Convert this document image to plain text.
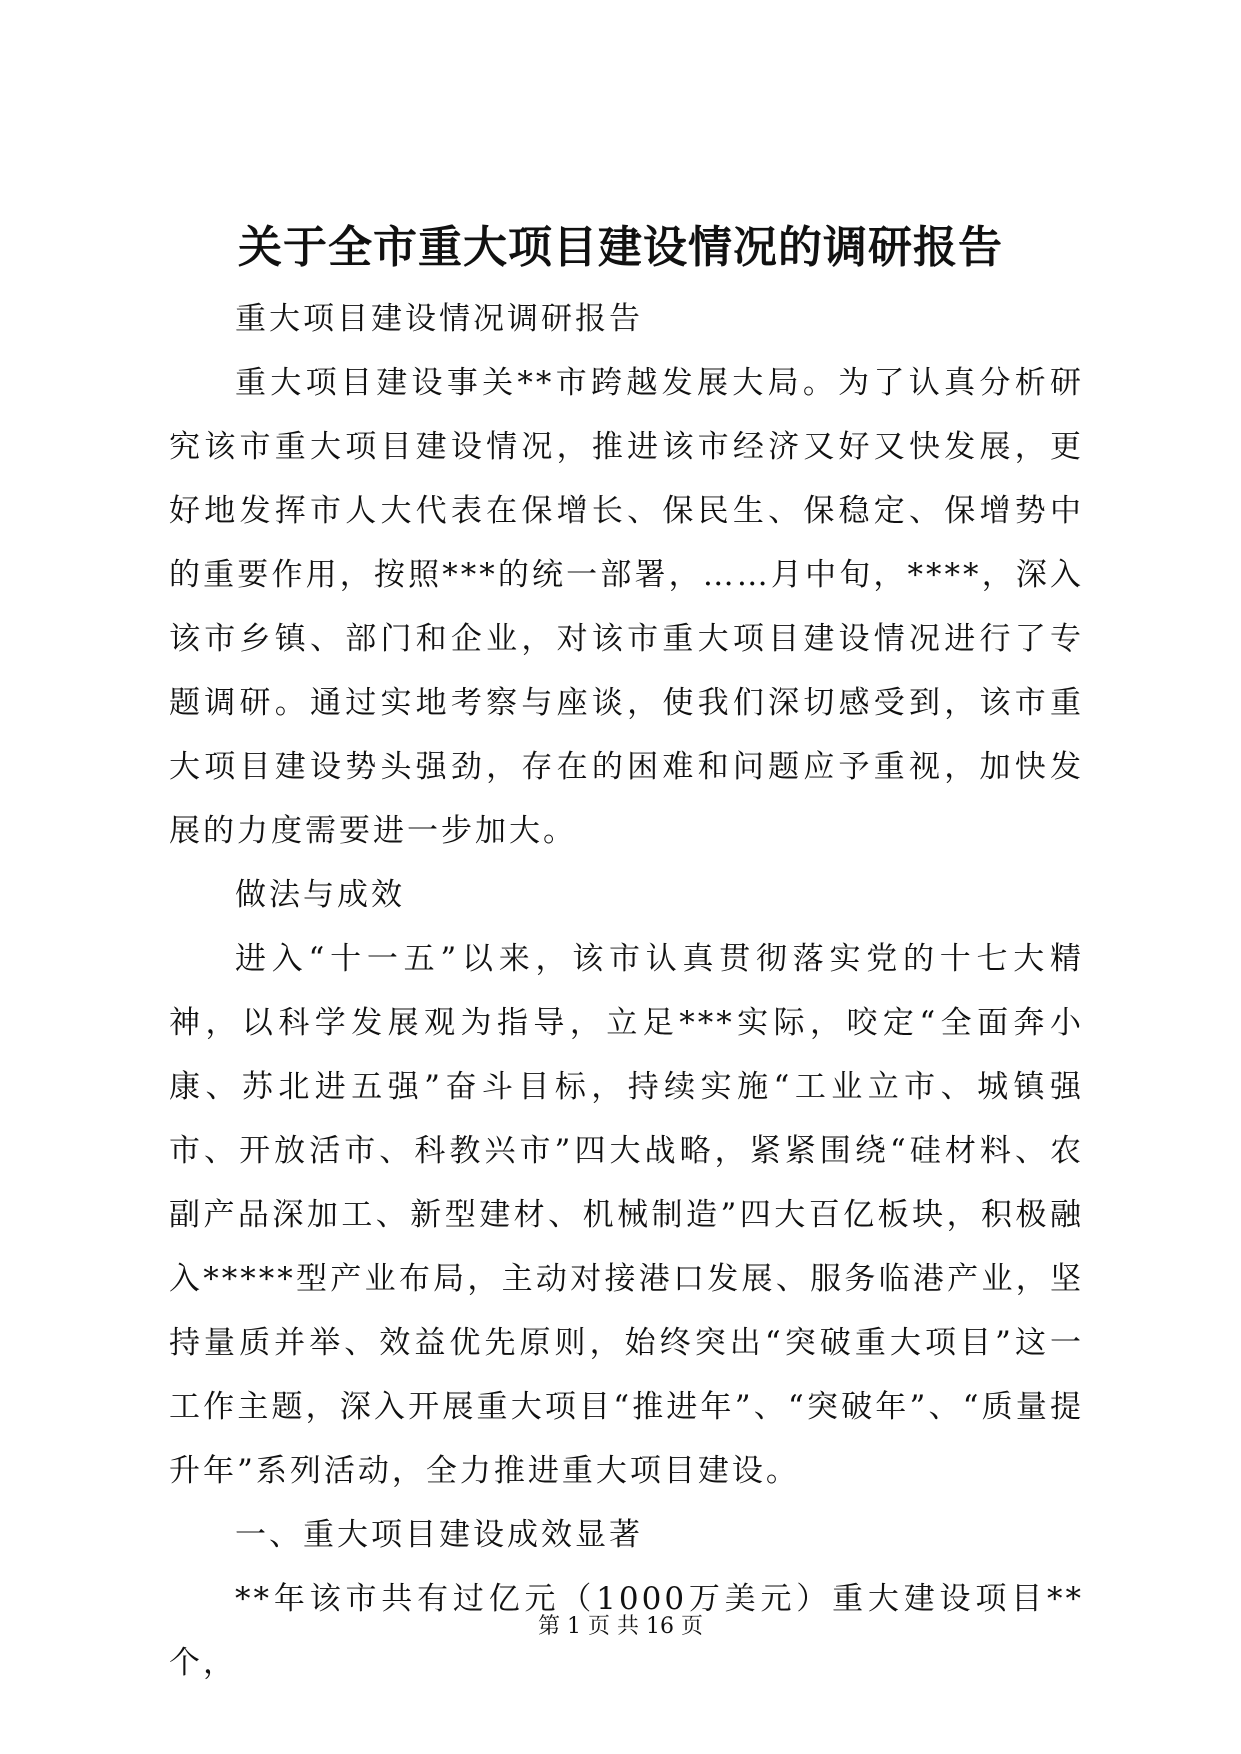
关于全市重大项目建设情况的调研报告

重大项目建设情况调研报告

重大项目建设事关**市跨越发展大局。为了认真分析研究该市重大项目建设情况，推进该市经济又好又快发展，更好地发挥市人大代表在保增长、保民生、保稳定、保增势中的重要作用，按照***的统一部署，……月中旬，****，深入该市乡镇、部门和企业，对该市重大项目建设情况进行了专题调研。通过实地考察与座谈，使我们深切感受到，该市重大项目建设势头强劲，存在的困难和问题应予重视，加快发展的力度需要进一步加大。

做法与成效

进入“十一五”以来，该市认真贯彻落实党的十七大精神，以科学发展观为指导，立足***实际，咬定“全面奔小康、苏北进五强”奋斗目标，持续实施“工业立市、城镇强市、开放活市、科教兴市”四大战略，紧紧围绕“硅材料、农副产品深加工、新型建材、机械制造”四大百亿板块，积极融入*****型产业布局，主动对接港口发展、服务临港产业，坚持量质并举、效益优先原则，始终突出“突破重大项目”这一工作主题，深入开展重大项目“推进年”、“突破年”、“质量提升年”系列活动，全力推进重大项目建设。

一、重大项目建设成效显著

**年该市共有过亿元（1000万美元）重大建设项目**个，

第 1 页 共 16 页
